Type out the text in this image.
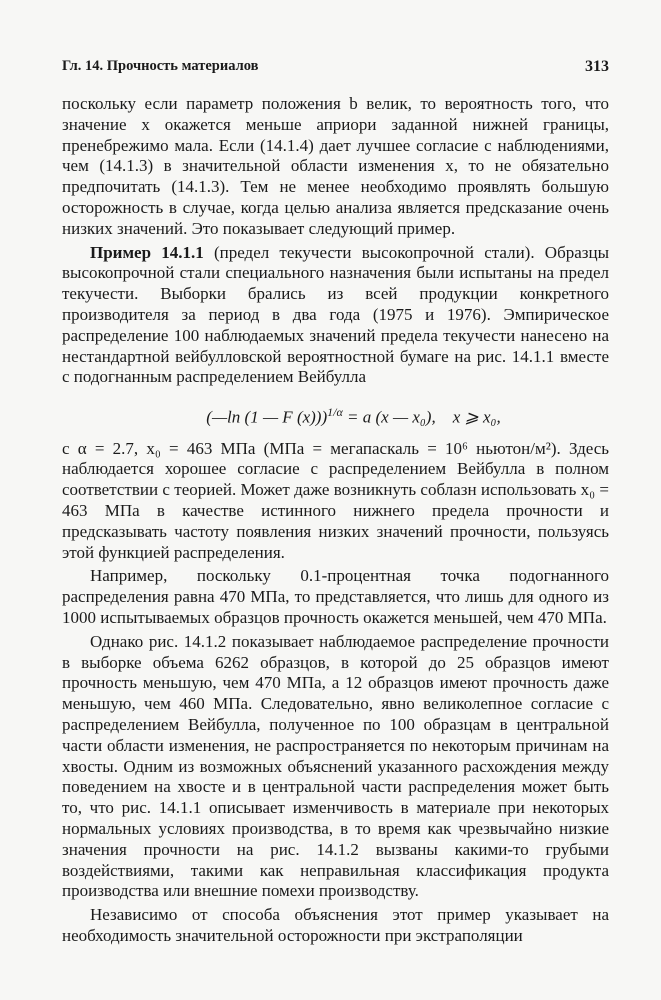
Гл. 14. Прочность материалов	313

поскольку если параметр положения b велик, то вероятность того, что значение x окажется меньше априори заданной нижней границы, пренебрежимо мала. Если (14.1.4) дает лучшее согласие с наблюдениями, чем (14.1.3) в значительной области изменения x, то не обязательно предпочитать (14.1.3). Тем не менее необходимо проявлять большую осторожность в случае, когда целью анализа является предсказание очень низких значений. Это показывает следующий пример.

Пример 14.1.1 (предел текучести высокопрочной стали). Образцы высокопрочной стали специального назначения были испытаны на предел текучести. Выборки брались из всей продукции конкретного производителя за период в два года (1975 и 1976). Эмпирическое распределение 100 наблюдаемых значений предела текучести нанесено на нестандартной вейбулловской вероятностной бумаге на рис. 14.1.1 вместе с подогнанным распределением Вейбулла

(—ln (1 — F (x)))$^{1/\alpha}$ = a (x — x₀), x ⩾ x₀,

с α = 2.7, x₀ = 463 МПа (МПа = мегапаскаль = 10⁶ ньютон/м²). Здесь наблюдается хорошее согласие с распределением Вейбулла в полном соответствии с теорией. Может даже возникнуть соблазн использовать x₀ = 463 МПа в качестве истинного нижнего предела прочности и предсказывать частоту появления низких значений прочности, пользуясь этой функцией распределения.

Например, поскольку 0.1-процентная точка подогнанного распределения равна 470 МПа, то представляется, что лишь для одного из 1000 испытываемых образцов прочность окажется меньшей, чем 470 МПа.

Однако рис. 14.1.2 показывает наблюдаемое распределение прочности в выборке объема 6262 образцов, в которой до 25 образцов имеют прочность меньшую, чем 470 МПа, а 12 образцов имеют прочность даже меньшую, чем 460 МПа. Следовательно, явно великолепное согласие с распределением Вейбулла, полученное по 100 образцам в центральной части области изменения, не распространяется по некоторым причинам на хвосты. Одним из возможных объяснений указанного расхождения между поведением на хвосте и в центральной части распределения может быть то, что рис. 14.1.1 описывает изменчивость в материале при некоторых нормальных условиях производства, в то время как чрезвычайно низкие значения прочности на рис. 14.1.2 вызваны какими-то грубыми воздействиями, такими как неправильная классификация продукта производства или внешние помехи производству.

Независимо от способа объяснения этот пример указывает на необходимость значительной осторожности при экстраполяции
